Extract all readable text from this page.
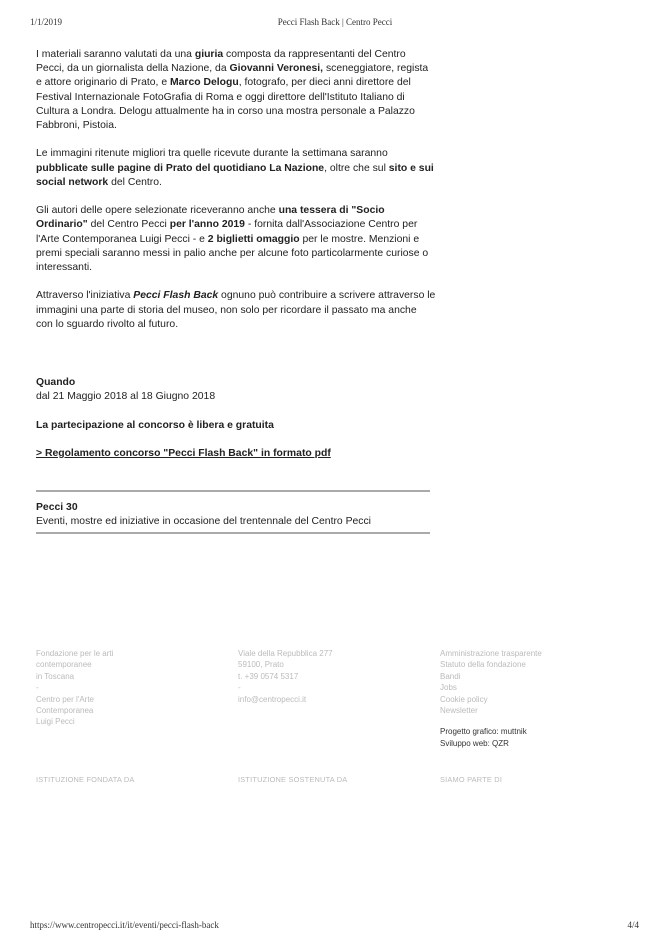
1/1/2019	Pecci Flash Back | Centro Pecci

I materiali saranno valutati da una giuria composta da rappresentanti del Centro Pecci, da un giornalista della Nazione, da Giovanni Veronesi, sceneggiatore, regista e attore originario di Prato, e Marco Delogu, fotografo, per dieci anni direttore del Festival Internazionale FotoGrafia di Roma e oggi direttore dell'Istituto Italiano di Cultura a Londra. Delogu attualmente ha in corso una mostra personale a Palazzo Fabbroni, Pistoia.

Le immagini ritenute migliori tra quelle ricevute durante la settimana saranno pubblicate sulle pagine di Prato del quotidiano La Nazione, oltre che sul sito e sui social network del Centro.

Gli autori delle opere selezionate riceveranno anche una tessera di "Socio Ordinario" del Centro Pecci per l'anno 2019 - fornita dall'Associazione Centro per l'Arte Contemporanea Luigi Pecci - e 2 biglietti omaggio per le mostre. Menzioni e premi speciali saranno messi in palio anche per alcune foto particolarmente curiose o interessanti.

Attraverso l'iniziativa Pecci Flash Back ognuno può contribuire a scrivere attraverso le immagini una parte di storia del museo, non solo per ricordare il passato ma anche con lo sguardo rivolto al futuro.

Quando
dal 21 Maggio 2018 al 18 Giugno 2018
La partecipazione al concorso è libera e gratuita
> Regolamento concorso "Pecci Flash Back" in formato pdf
Pecci 30
Eventi, mostre ed iniziative in occasione del trentennale del Centro Pecci
Fondazione per le arti
contemporanee
in Toscana
-
Centro per l'Arte
Contemporanea
Luigi Pecci
Viale della Repubblica 277
59100, Prato
t. +39 0574 5317
-
info@centropecci.it
Amministrazione trasparente
Statuto della fondazione
Bandi
Jobs
Cookie policy
Newsletter
Progetto grafico: muttnik
Sviluppo web: QZR
ISTITUZIONE FONDATA DA	ISTITUZIONE SOSTENUTA DA	SIAMO PARTE DI
https://www.centropecci.it/it/eventi/pecci-flash-back	4/4
